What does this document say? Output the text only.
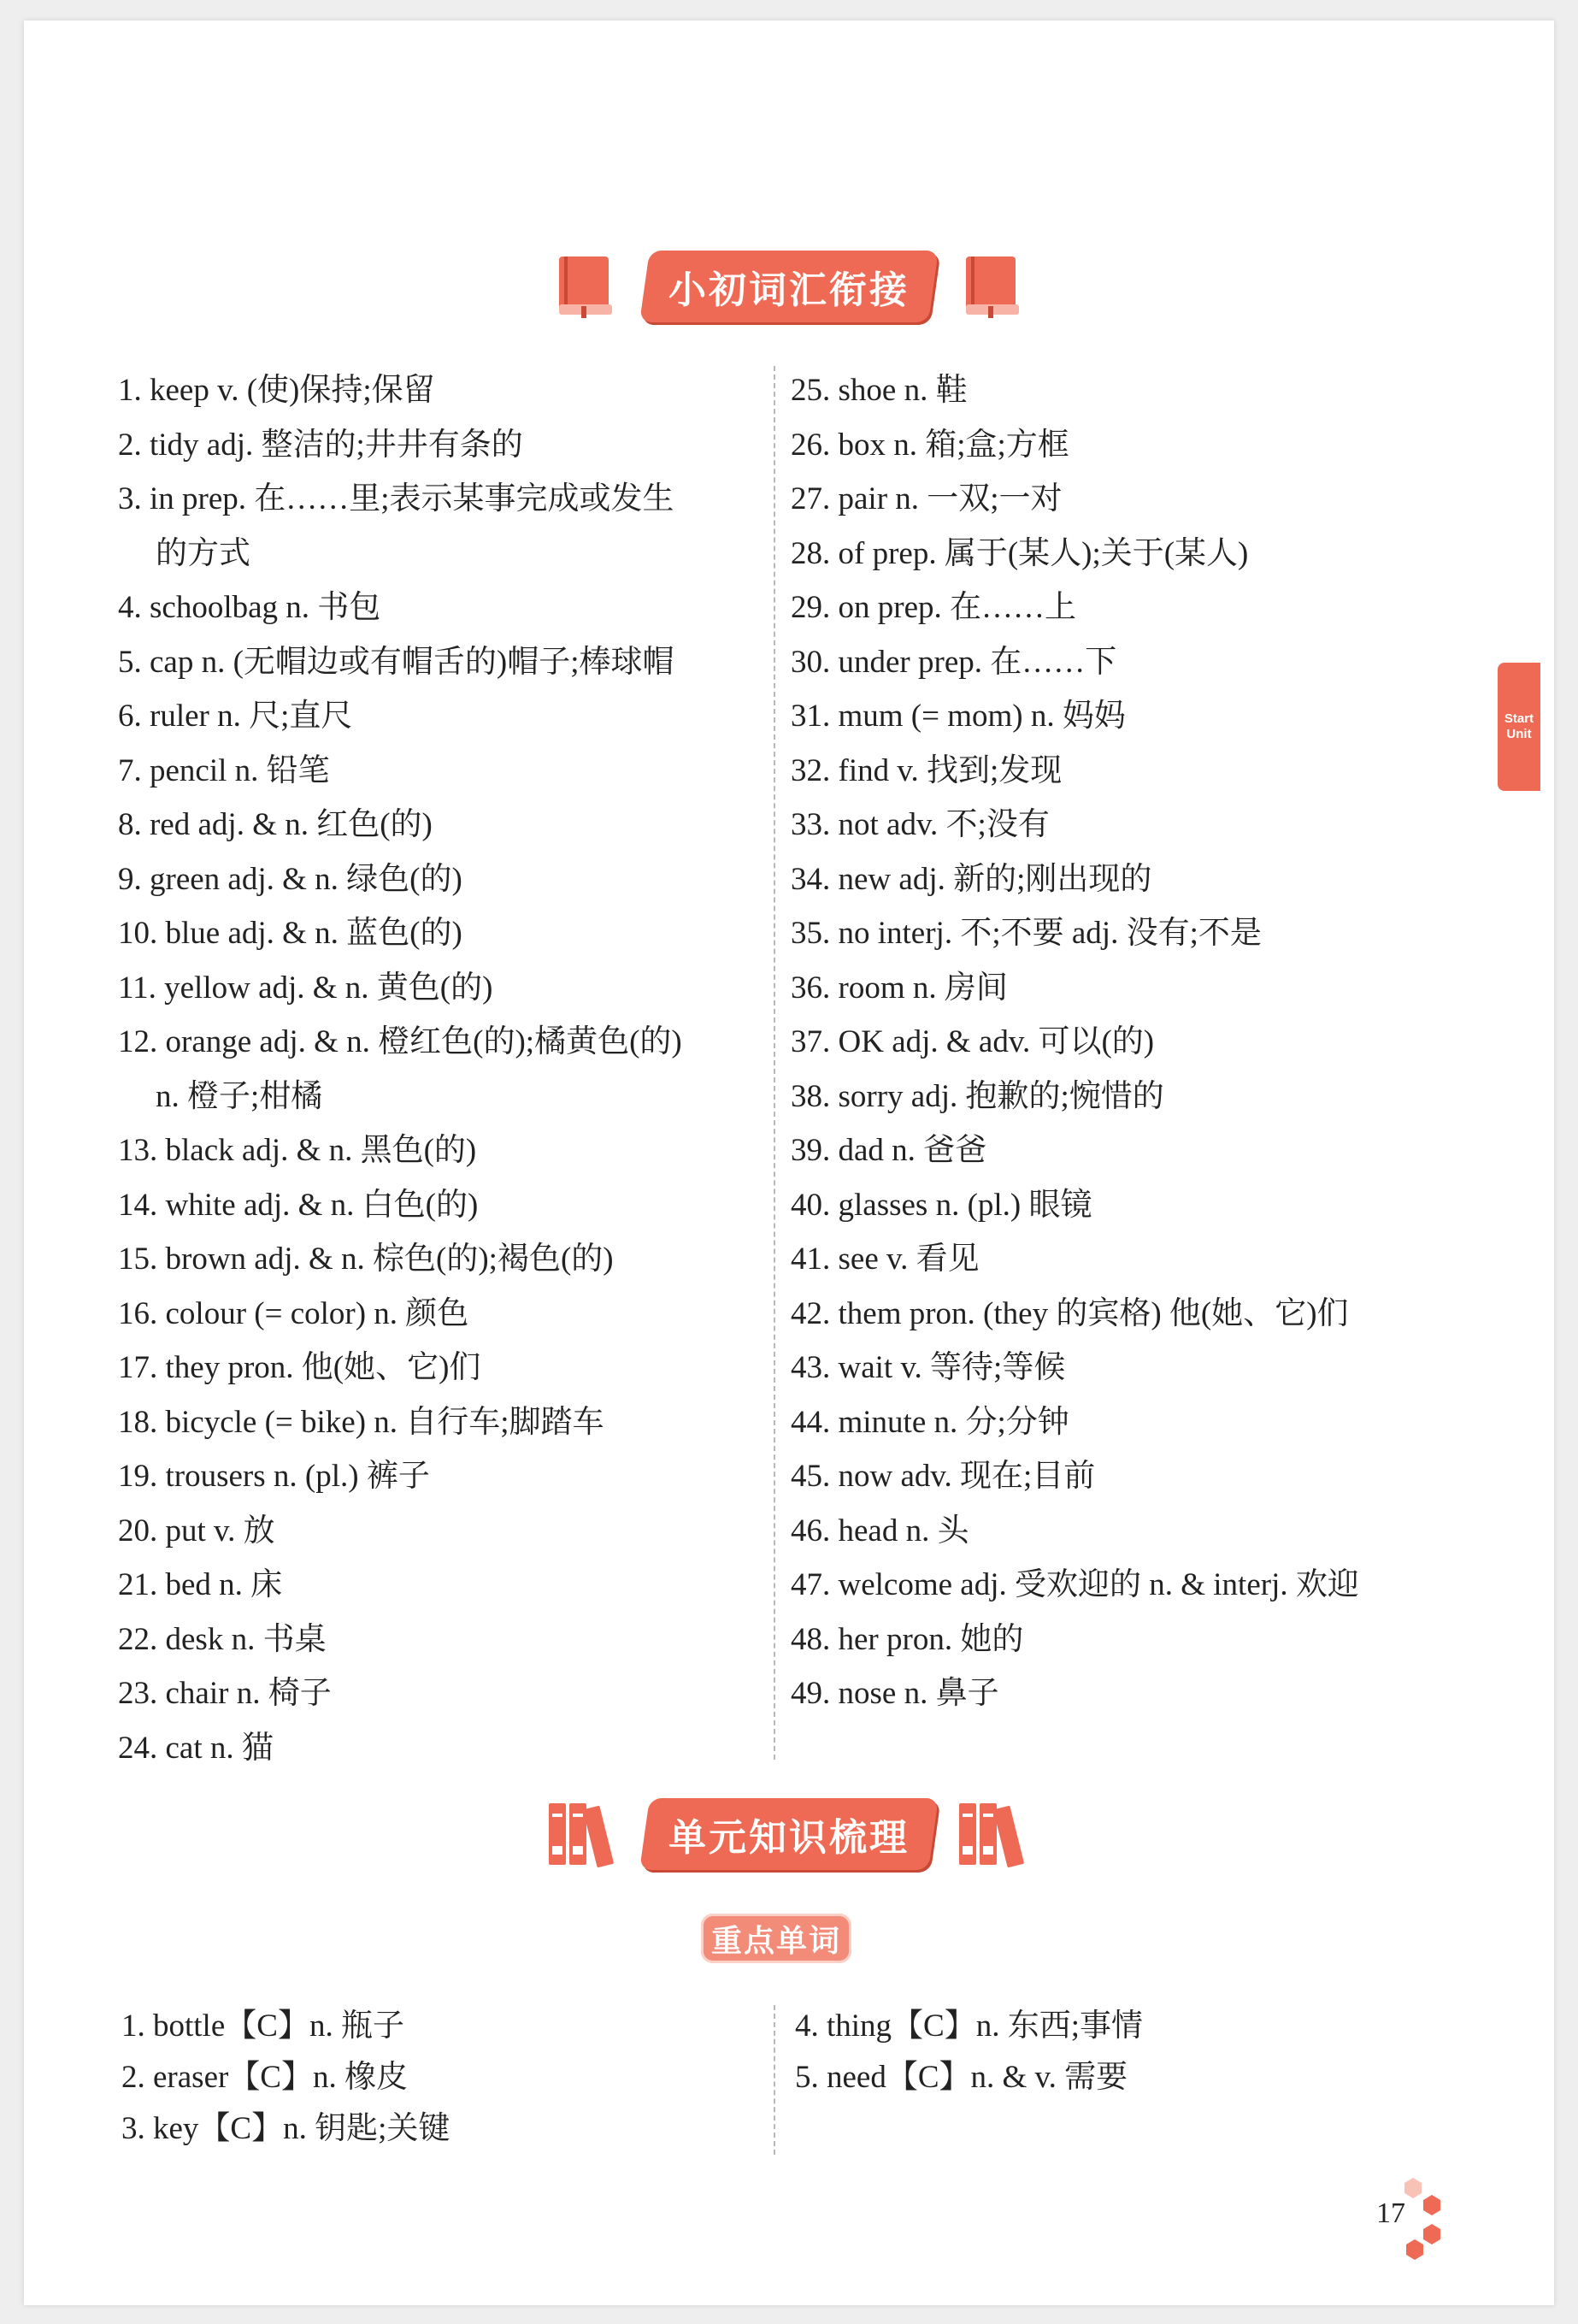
小初词汇衔接
1. keep v. (使)保持;保留
2. tidy adj. 整洁的;井井有条的
3. in prep. 在……里;表示某事完成或发生
的方式
4. schoolbag n. 书包
5. cap n. (无帽边或有帽舌的)帽子;棒球帽
6. ruler n. 尺;直尺
7. pencil n. 铅笔
8. red adj. & n. 红色(的)
9. green adj. & n. 绿色(的)
10. blue adj. & n. 蓝色(的)
11. yellow adj. & n. 黄色(的)
12. orange adj. & n. 橙红色(的);橘黄色(的)
n. 橙子;柑橘
13. black adj. & n. 黑色(的)
14. white adj. & n. 白色(的)
15. brown adj. & n. 棕色(的);褐色(的)
16. colour (= color) n. 颜色
17. they pron. 他(她、它)们
18. bicycle (= bike) n. 自行车;脚踏车
19. trousers n. (pl.) 裤子
20. put v. 放
21. bed n. 床
22. desk n. 书桌
23. chair n. 椅子
24. cat n. 猫
25. shoe n. 鞋
26. box n. 箱;盒;方框
27. pair n. 一双;一对
28. of prep. 属于(某人);关于(某人)
29. on prep. 在……上
30. under prep. 在……下
31. mum (= mom) n. 妈妈
32. find v. 找到;发现
33. not adv. 不;没有
34. new adj. 新的;刚出现的
35. no interj. 不;不要 adj. 没有;不是
36. room n. 房间
37. OK adj. & adv. 可以(的)
38. sorry adj. 抱歉的;惋惜的
39. dad n. 爸爸
40. glasses n. (pl.) 眼镜
41. see v. 看见
42. them pron. (they 的宾格) 他(她、它)们
43. wait v. 等待;等候
44. minute n. 分;分钟
45. now adv. 现在;目前
46. head n. 头
47. welcome adj. 受欢迎的 n. & interj. 欢迎
48. her pron. 她的
49. nose n. 鼻子
Start
Unit
单元知识梳理
重点单词
1. bottle【C】n. 瓶子
2. eraser【C】n. 橡皮
3. key【C】n. 钥匙;关键
4. thing【C】n. 东西;事情
5. need【C】n. & v. 需要
17
